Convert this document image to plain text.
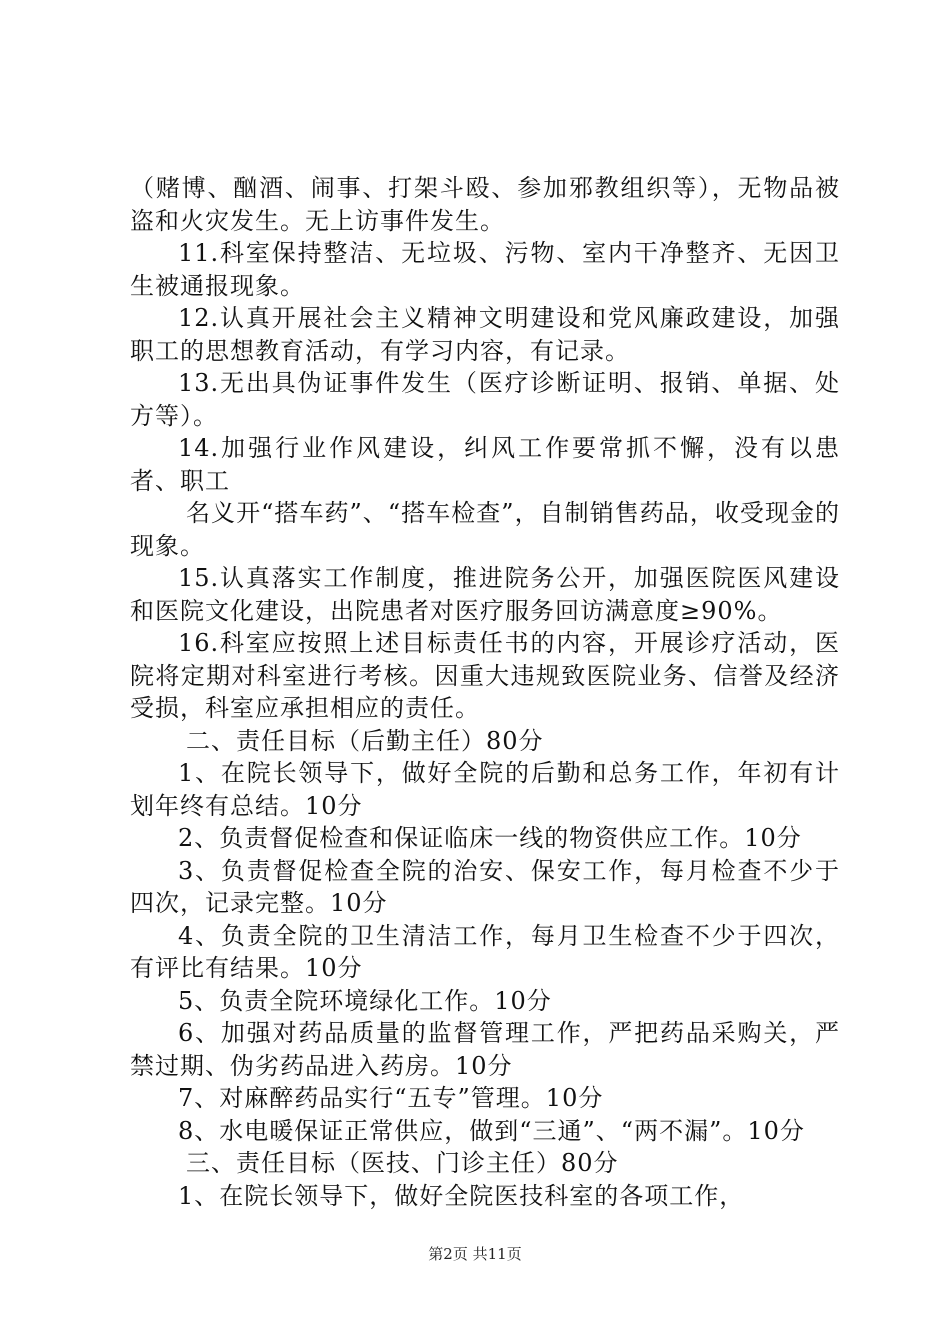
（赌博、酗酒、闹事、打架斗殴、参加邪教组织等），无物品被盗和火灾发生。无上访事件发生。

11.科室保持整洁、无垃圾、污物、室内干净整齐、无因卫生被通报现象。

12.认真开展社会主义精神文明建设和党风廉政建设，加强职工的思想教育活动，有学习内容，有记录。

13.无出具伪证事件发生（医疗诊断证明、报销、单据、处方等）。

14.加强行业作风建设，纠风工作要常抓不懈，没有以患者、职工

名义开“搭车药”、“搭车检查”，自制销售药品，收受现金的现象。

15.认真落实工作制度，推进院务公开，加强医院医风建设和医院文化建设，出院患者对医疗服务回访满意度≥90%。

16.科室应按照上述目标责任书的内容，开展诊疗活动，医院将定期对科室进行考核。因重大违规致医院业务、信誉及经济受损，科室应承担相应的责任。

二、责任目标（后勤主任）80分

1、在院长领导下，做好全院的后勤和总务工作，年初有计划年终有总结。10分

2、负责督促检查和保证临床一线的物资供应工作。10分

3、负责督促检查全院的治安、保安工作，每月检查不少于四次，记录完整。10分

4、负责全院的卫生清洁工作，每月卫生检查不少于四次，有评比有结果。10分

5、负责全院环境绿化工作。10分

6、加强对药品质量的监督管理工作，严把药品采购关，严禁过期、伪劣药品进入药房。10分

7、对麻醉药品实行“五专”管理。10分

8、水电暖保证正常供应，做到“三通”、“两不漏”。10分

三、责任目标（医技、门诊主任）80分

1、在院长领导下，做好全院医技科室的各项工作，

第2页 共11页
